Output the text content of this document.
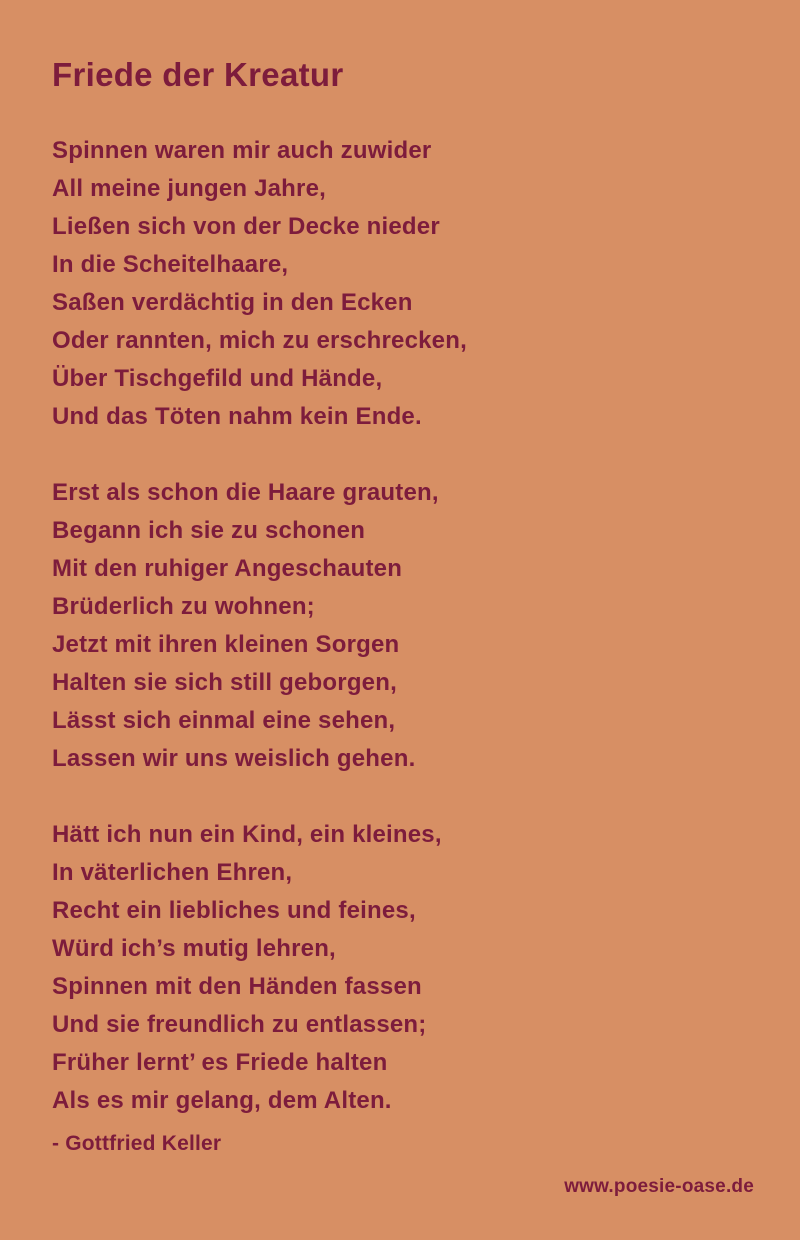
Friede der Kreatur
Spinnen waren mir auch zuwider
All meine jungen Jahre,
Ließen sich von der Decke nieder
In die Scheitelhaare,
Saßen verdächtig in den Ecken
Oder rannten, mich zu erschrecken,
Über Tischgefild und Hände,
Und das Töten nahm kein Ende.
Erst als schon die Haare grauten,
Begann ich sie zu schonen
Mit den ruhiger Angeschauten
Brüderlich zu wohnen;
Jetzt mit ihren kleinen Sorgen
Halten sie sich still geborgen,
Lässt sich einmal eine sehen,
Lassen wir uns weislich gehen.
Hätt ich nun ein Kind, ein kleines,
In väterlichen Ehren,
Recht ein liebliches und feines,
Würd ich’s mutig lehren,
Spinnen mit den Händen fassen
Und sie freundlich zu entlassen;
Früher lernt’ es Friede halten
Als es mir gelang, dem Alten.
- Gottfried Keller
www.poesie-oase.de
